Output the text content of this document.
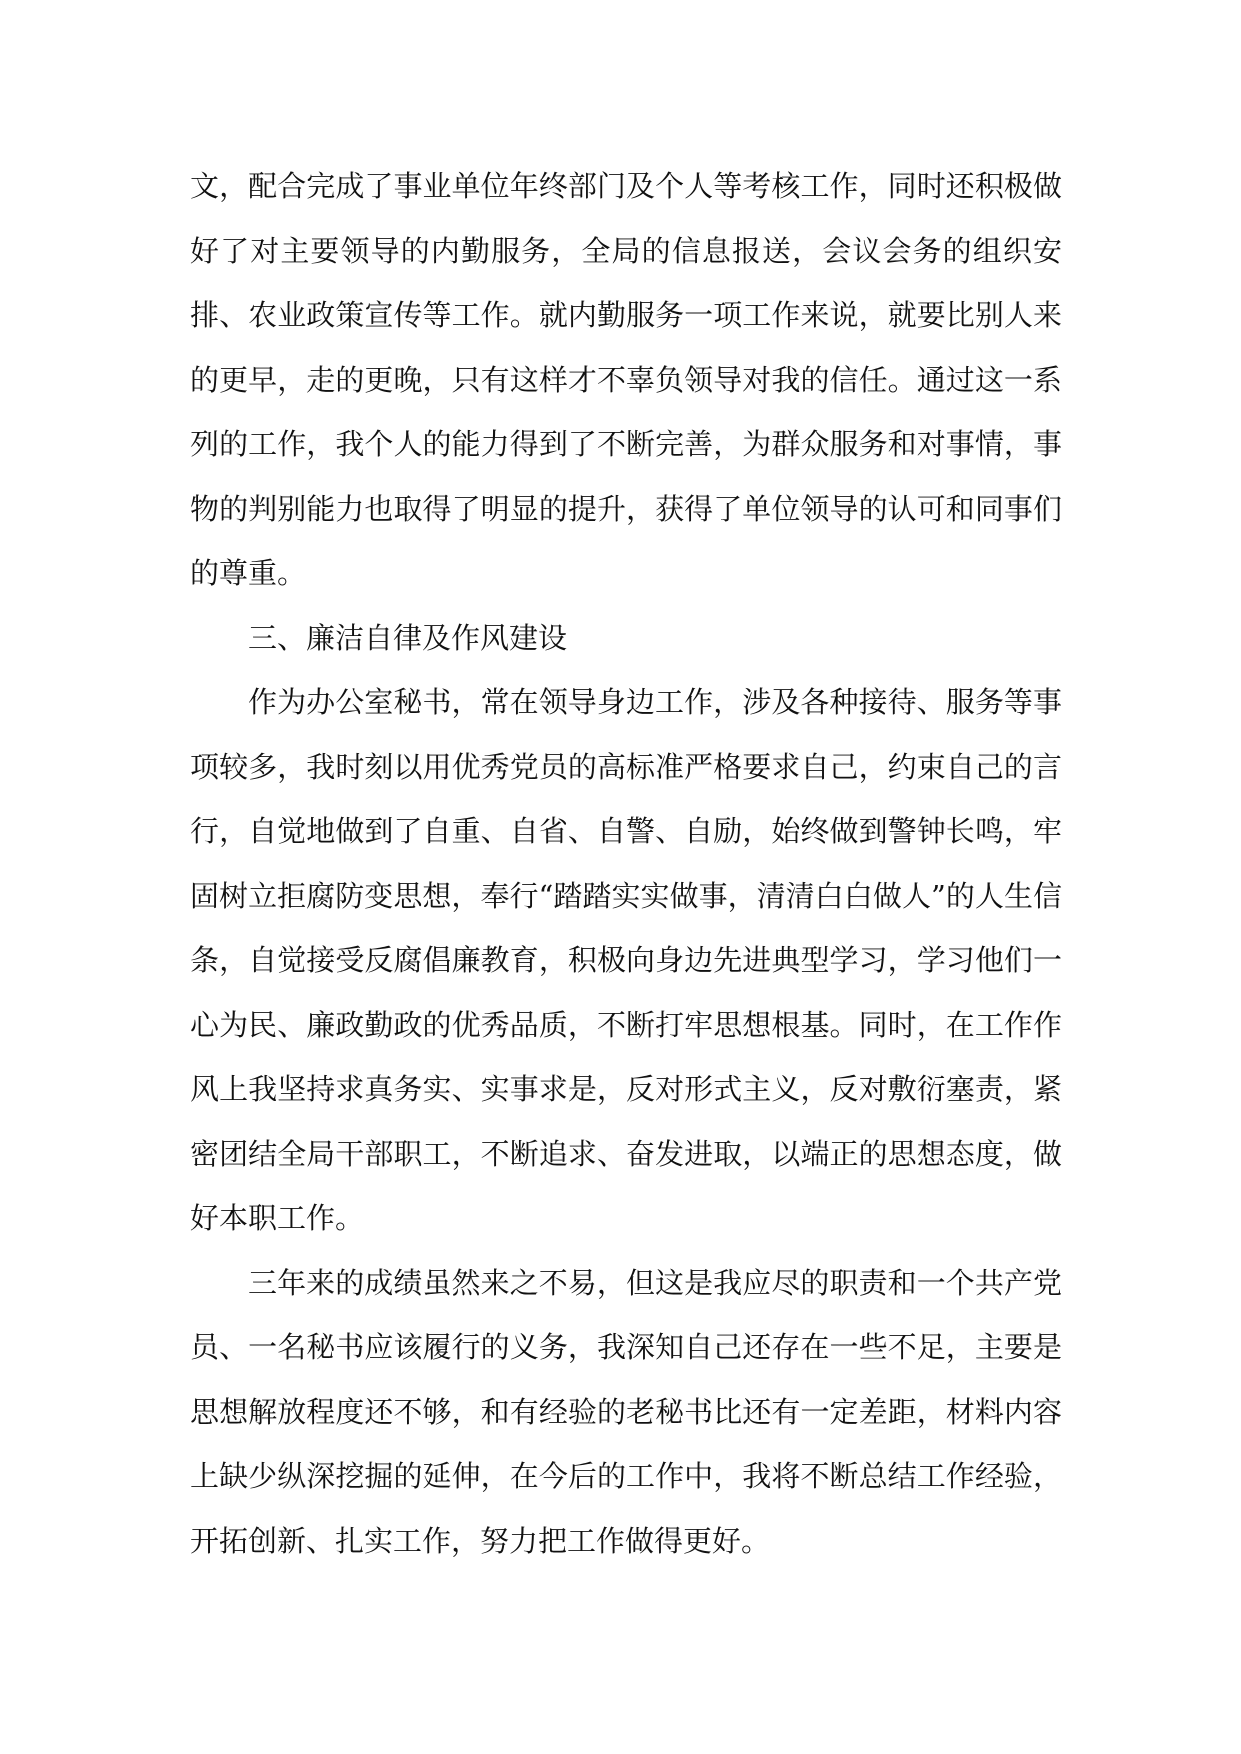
文，配合完成了事业单位年终部门及个人等考核工作，同时还积极做好了对主要领导的内勤服务，全局的信息报送，会议会务的组织安排、农业政策宣传等工作。就内勤服务一项工作来说，就要比别人来的更早，走的更晚，只有这样才不辜负领导对我的信任。通过这一系列的工作，我个人的能力得到了不断完善，为群众服务和对事情，事物的判别能力也取得了明显的提升，获得了单位领导的认可和同事们的尊重。

三、廉洁自律及作风建设

作为办公室秘书，常在领导身边工作，涉及各种接待、服务等事项较多，我时刻以用优秀党员的高标准严格要求自己，约束自己的言行，自觉地做到了自重、自省、自警、自励，始终做到警钟长鸣，牢固树立拒腐防变思想，奉行“踏踏实实做事，清清白白做人”的人生信条，自觉接受反腐倡廉教育，积极向身边先进典型学习，学习他们一心为民、廉政勤政的优秀品质，不断打牢思想根基。同时，在工作作风上我坚持求真务实、实事求是，反对形式主义，反对敷衍塞责，紧密团结全局干部职工，不断追求、奋发进取，以端正的思想态度，做好本职工作。

三年来的成绩虽然来之不易，但这是我应尽的职责和一个共产党员、一名秘书应该履行的义务，我深知自己还存在一些不足，主要是思想解放程度还不够，和有经验的老秘书比还有一定差距，材料内容上缺少纵深挖掘的延伸，在今后的工作中，我将不断总结工作经验，开拓创新、扎实工作，努力把工作做得更好。
